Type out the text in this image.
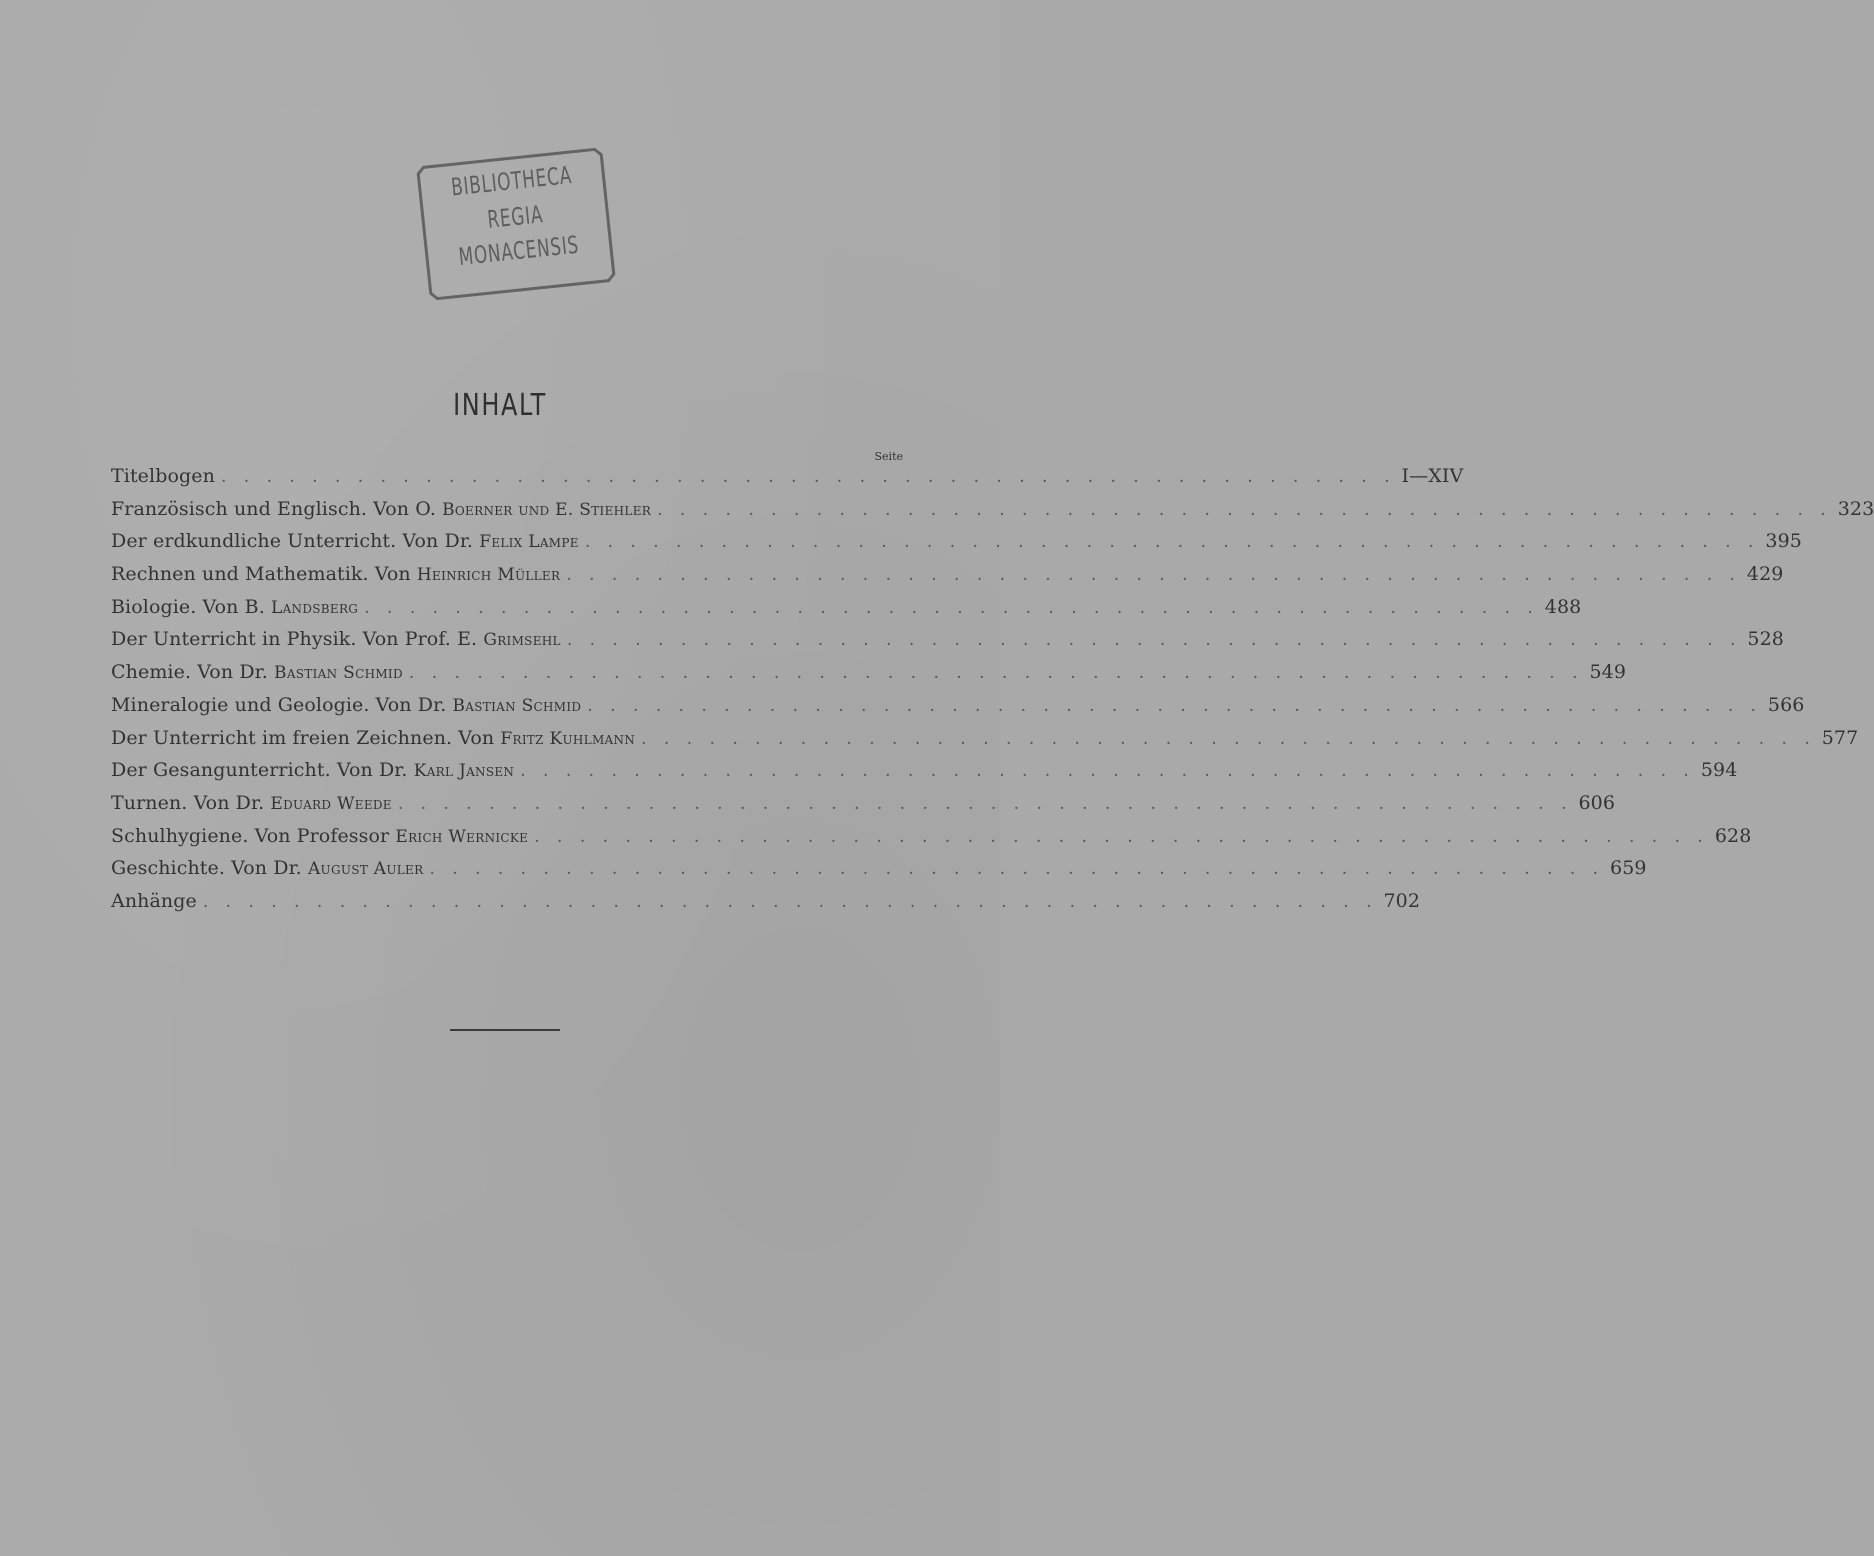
BIBLIOTHECA
REGIA
MONACENSIS
INHALT
Seite
Titelbogen . . . . . . . . . . . . . . . . . . . . . . . . . . . . . . . . . . . . . . . . . . . . . . . . . . . . I—XIV
Französisch und Englisch. Von O. Boerner und E. Stiehler . . . . . . . . . . . . . . . . . . . . . . . . . . . . . . . . . . . . . . . . . . . . . . . . . . . . 323
Der erdkundliche Unterricht. Von Dr. Felix Lampe . . . . . . . . . . . . . . . . . . . . . . . . . . . . . . . . . . . . . . . . . . . . . . . . . . . . 395
Rechnen und Mathematik. Von Heinrich Müller . . . . . . . . . . . . . . . . . . . . . . . . . . . . . . . . . . . . . . . . . . . . . . . . . . . . 429
Biologie. Von B. Landsberg . . . . . . . . . . . . . . . . . . . . . . . . . . . . . . . . . . . . . . . . . . . . . . . . . . . . 488
Der Unterricht in Physik. Von Prof. E. Grimsehl . . . . . . . . . . . . . . . . . . . . . . . . . . . . . . . . . . . . . . . . . . . . . . . . . . . . 528
Chemie. Von Dr. Bastian Schmid . . . . . . . . . . . . . . . . . . . . . . . . . . . . . . . . . . . . . . . . . . . . . . . . . . . . 549
Mineralogie und Geologie. Von Dr. Bastian Schmid . . . . . . . . . . . . . . . . . . . . . . . . . . . . . . . . . . . . . . . . . . . . . . . . . . . . 566
Der Unterricht im freien Zeichnen. Von Fritz Kuhlmann . . . . . . . . . . . . . . . . . . . . . . . . . . . . . . . . . . . . . . . . . . . . . . . . . . . . 577
Der Gesangunterricht. Von Dr. Karl Jansen . . . . . . . . . . . . . . . . . . . . . . . . . . . . . . . . . . . . . . . . . . . . . . . . . . . . 594
Turnen. Von Dr. Eduard Weede . . . . . . . . . . . . . . . . . . . . . . . . . . . . . . . . . . . . . . . . . . . . . . . . . . . . 606
Schulhygiene. Von Professor Erich Wernicke . . . . . . . . . . . . . . . . . . . . . . . . . . . . . . . . . . . . . . . . . . . . . . . . . . . . 628
Geschichte. Von Dr. August Auler . . . . . . . . . . . . . . . . . . . . . . . . . . . . . . . . . . . . . . . . . . . . . . . . . . . . 659
Anhänge . . . . . . . . . . . . . . . . . . . . . . . . . . . . . . . . . . . . . . . . . . . . . . . . . . . . 702
